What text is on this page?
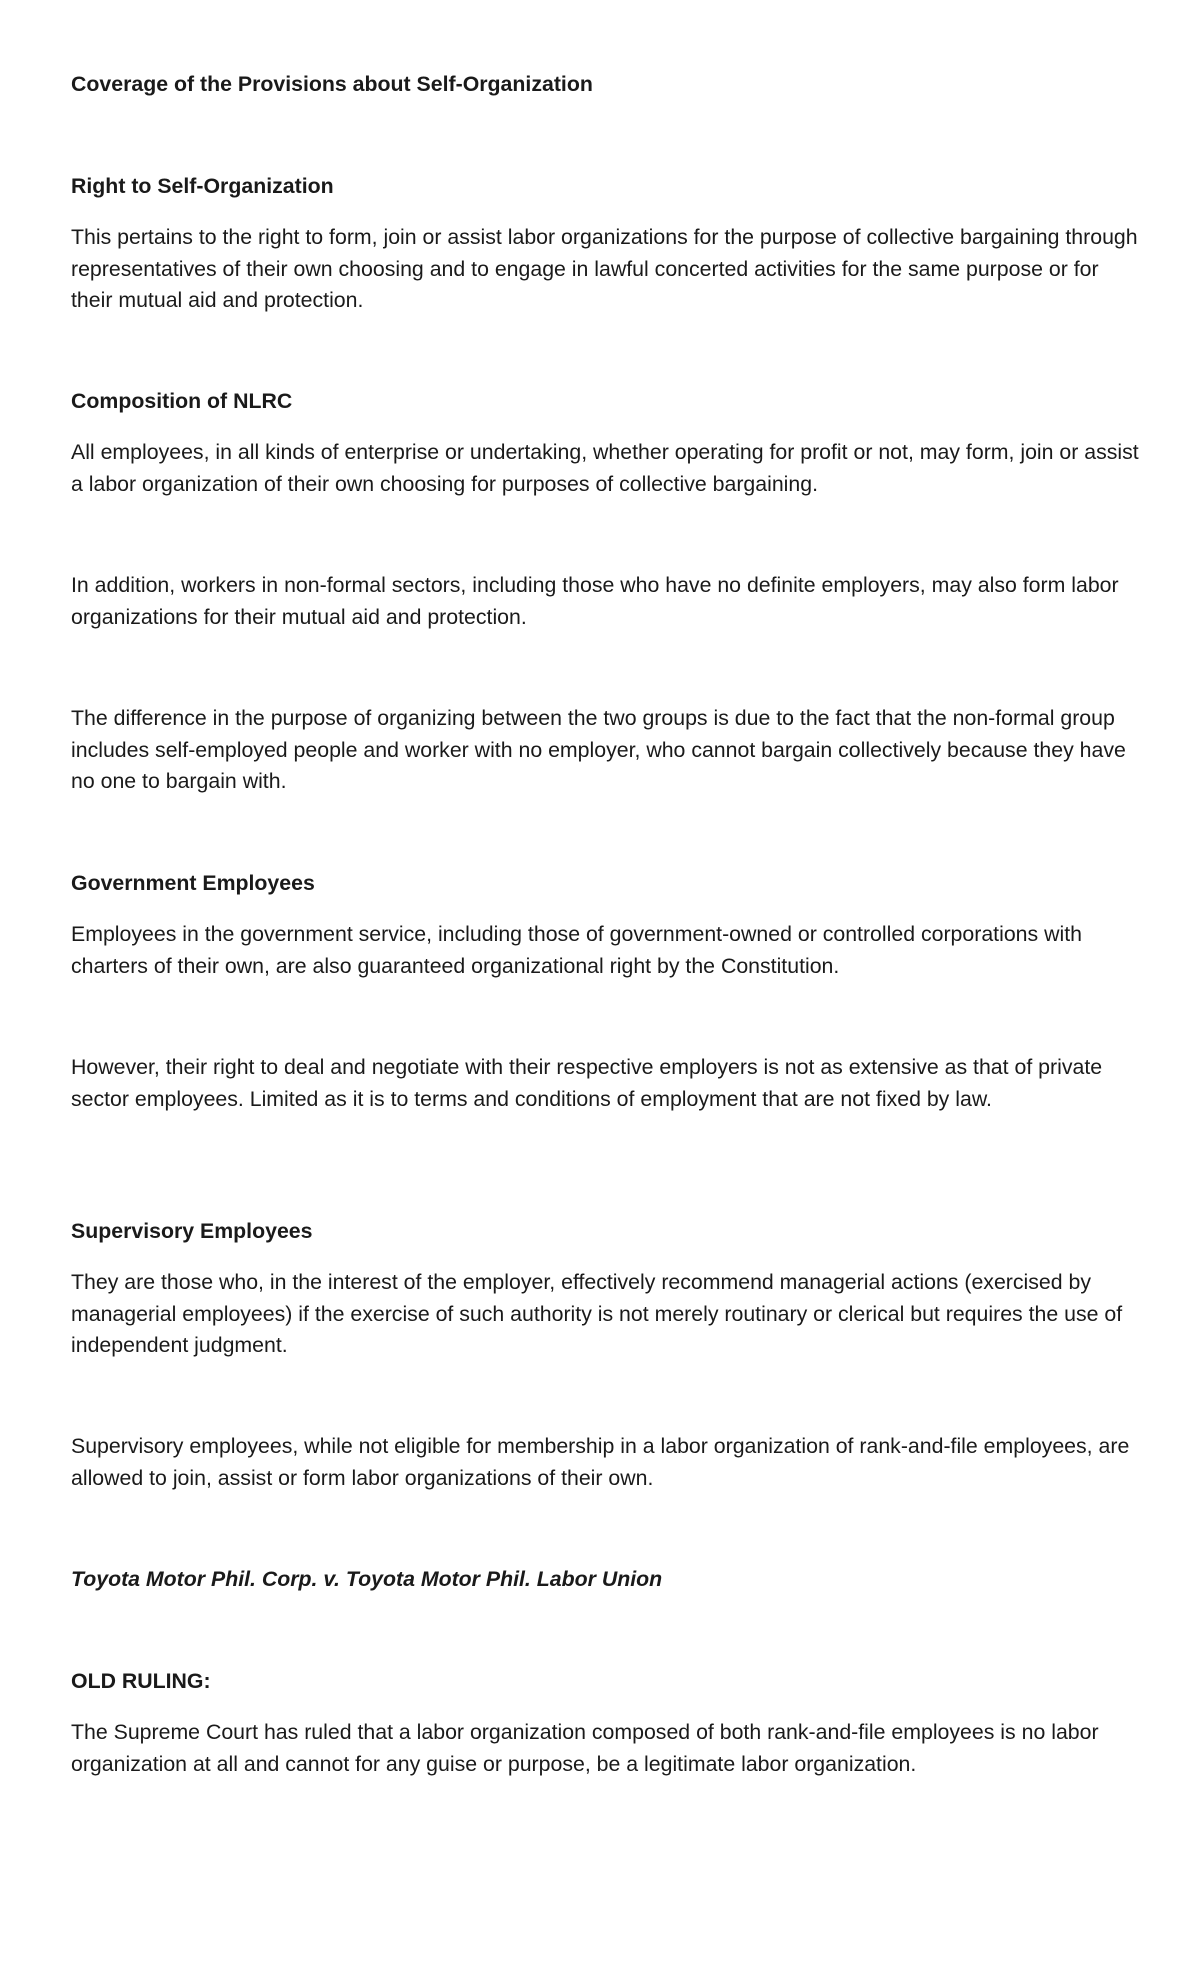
Coverage of the Provisions about Self-Organization

Right to Self-Organization

This pertains to the right to form, join or assist labor organizations for the purpose of collective bargaining through representatives of their own choosing and to engage in lawful concerted activities for the same purpose or for their mutual aid and protection.

Composition of NLRC

All employees, in all kinds of enterprise or undertaking, whether operating for profit or not, may form, join or assist a labor organization of their own choosing for purposes of collective bargaining.

In addition, workers in non-formal sectors, including those who have no definite employers, may also form labor organizations for their mutual aid and protection.

The difference in the purpose of organizing between the two groups is due to the fact that the non-formal group includes self-employed people and worker with no employer, who cannot bargain collectively because they have no one to bargain with.

Government Employees

Employees in the government service, including those of government-owned or controlled corporations with charters of their own, are also guaranteed organizational right by the Constitution.

However, their right to deal and negotiate with their respective employers is not as extensive as that of private sector employees. Limited as it is to terms and conditions of employment that are not fixed by law.

Supervisory Employees

They are those who, in the interest of the employer, effectively recommend managerial actions (exercised by managerial employees) if the exercise of such authority is not merely routinary or clerical but requires the use of independent judgment.

Supervisory employees, while not eligible for membership in a labor organization of rank-and-file employees, are allowed to join, assist or form labor organizations of their own.

Toyota Motor Phil. Corp. v. Toyota Motor Phil. Labor Union

OLD RULING:

The Supreme Court has ruled that a labor organization composed of both rank-and-file employees is no labor organization at all and cannot for any guise or purpose, be a legitimate labor organization.
